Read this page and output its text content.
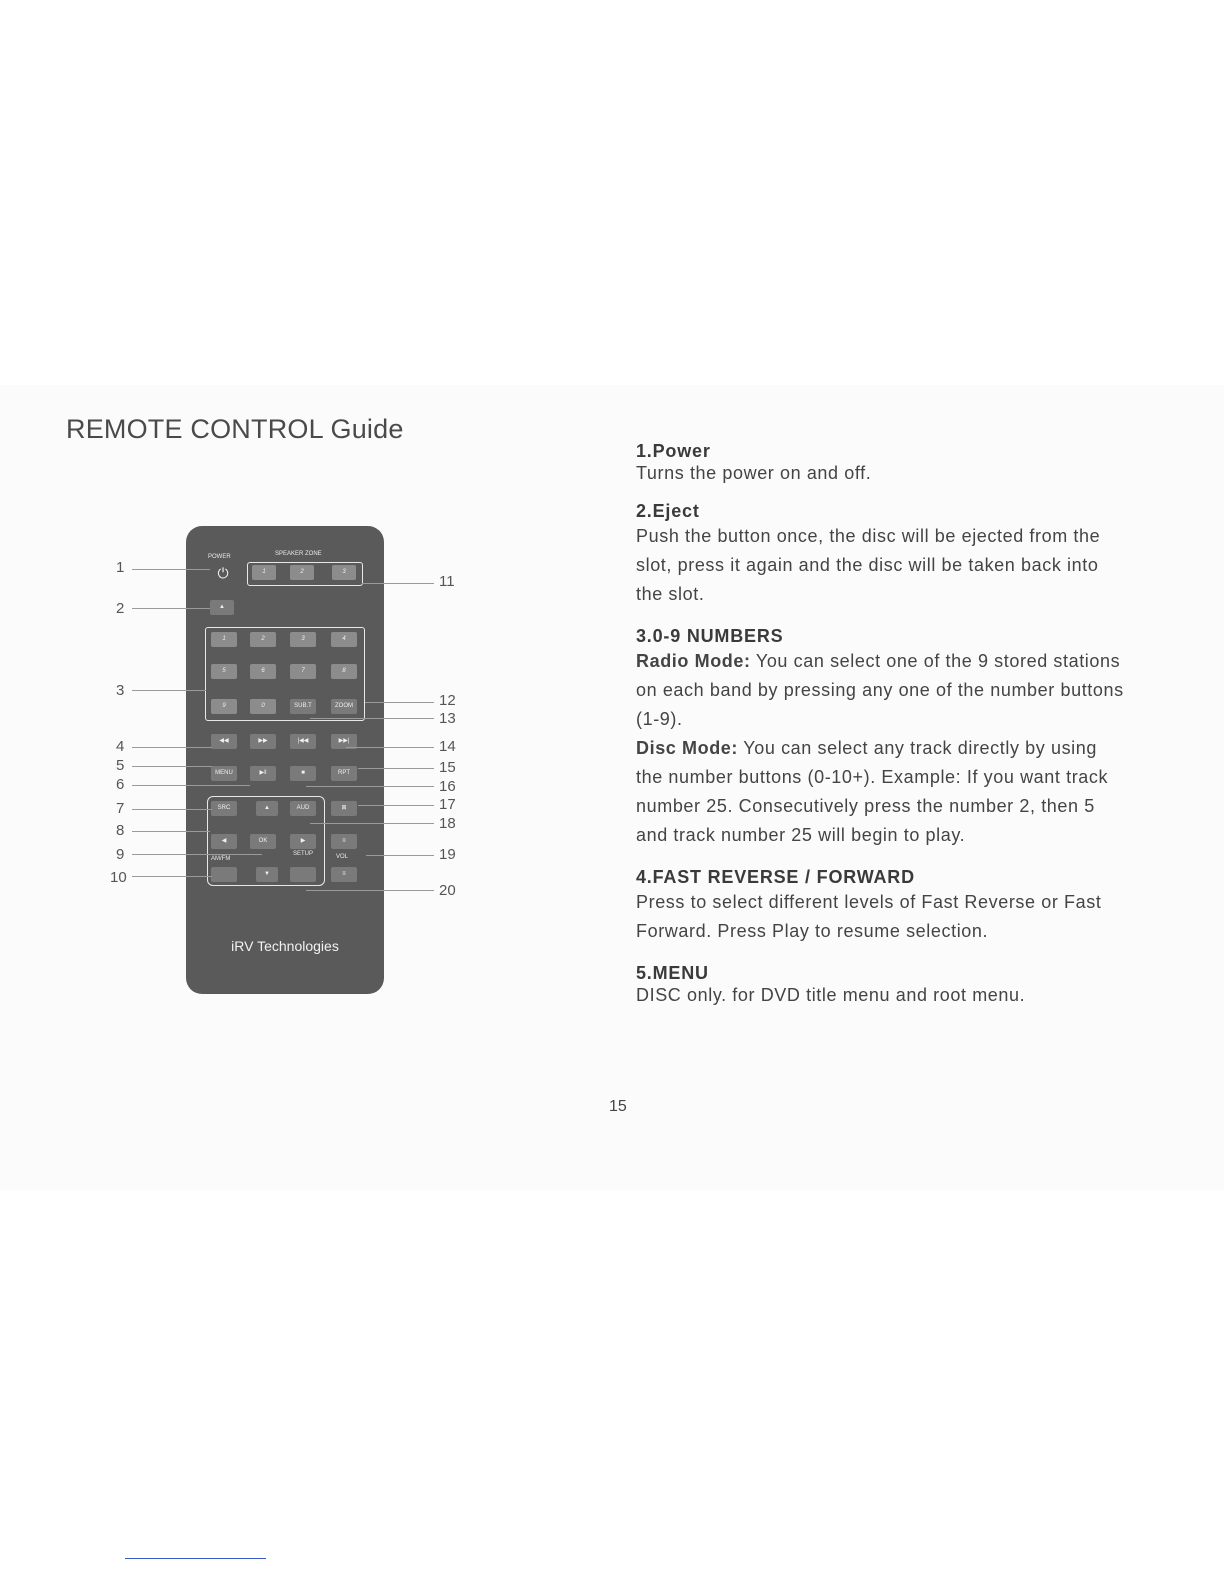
REMOTE CONTROL Guide
POWER	SPEAKER ZONE
⏻	1	2	3
▲
1	2	3	4
5	6	7	8
9	0	SUB.T	ZOOM
◀◀	▶▶	|◀◀	▶▶|
MENU	▶ǁ	■	RPT
SRC	▲	AUD	⊠
◀	OK	▶	≡
SETUP	VOL
AM/FM
▼	≡
iRV Technologies
1
2
3
4
5
6
7
8
9
10
11
12
13
14
15
16
17
18
19
20
1.Power

Turns the power on and off.

2.Eject

Push the button once, the disc will be ejected from the slot, press it again and the disc will be taken back into the slot.

3.0-9 NUMBERS

Radio Mode: You can select one of the 9 stored stations on each band by pressing any one of the number buttons (1-9).

Disc Mode: You can select any track directly by using the number buttons (0-10+). Example: If you want track number 25. Consecutively press the number 2, then 5 and track number 25 will begin to play.

4.FAST REVERSE / FORWARD

Press to select different levels of Fast Reverse or Fast Forward. Press Play to resume selection.

5.MENU

DISC only. for DVD title menu and root menu.

15
